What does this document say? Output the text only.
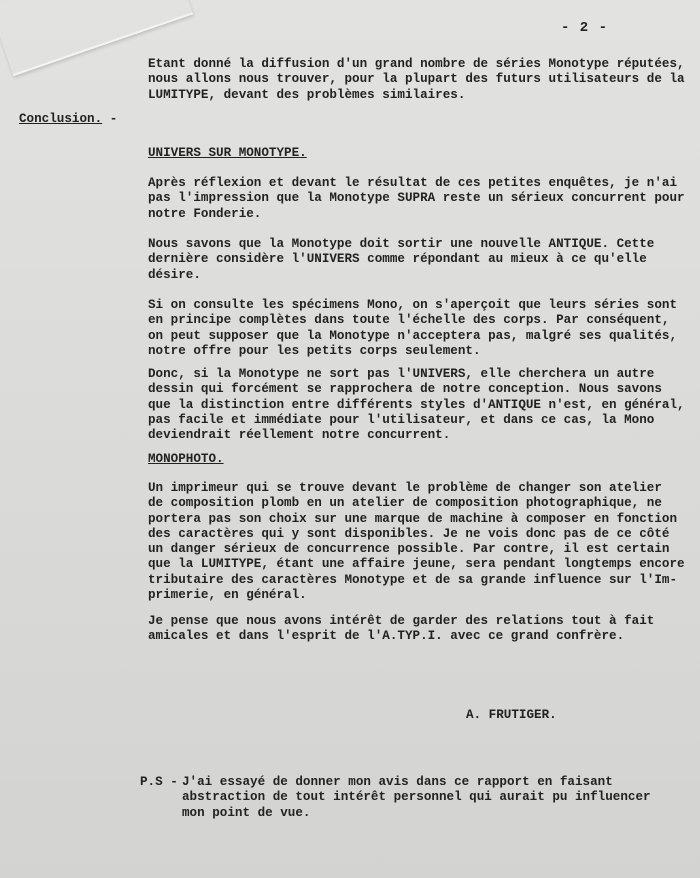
- 2 -

Etant donné la diffusion d'un grand nombre de séries Monotype réputées,
nous allons nous trouver, pour la plupart des futurs utilisateurs de la
LUMITYPE, devant des problèmes similaires.

Conclusion. -
UNIVERS SUR MONOTYPE.

Après réflexion et devant le résultat de ces petites enquêtes, je n'ai
pas l'impression que la Monotype SUPRA reste un sérieux concurrent pour
notre Fonderie.

Nous savons que la Monotype doit sortir une nouvelle ANTIQUE. Cette
dernière considère l'UNIVERS comme répondant au mieux à ce qu'elle
désire.

Si on consulte les spécimens Mono, on s'aperçoit que leurs séries sont
en principe complètes dans toute l'échelle des corps. Par conséquent,
on peut supposer que la Monotype n'acceptera pas, malgré ses qualités,
notre offre pour les petits corps seulement.

Donc, si la Monotype ne sort pas l'UNIVERS, elle cherchera un autre
dessin qui forcément se rapprochera de notre conception. Nous savons
que la distinction entre différents styles d'ANTIQUE n'est, en général,
pas facile et immédiate pour l'utilisateur, et dans ce cas, la Mono
deviendrait réellement notre concurrent.

MONOPHOTO.

Un imprimeur qui se trouve devant le problème de changer son atelier
de composition plomb en un atelier de composition photographique, ne
portera pas son choix sur une marque de machine à composer en fonction
des caractères qui y sont disponibles. Je ne vois donc pas de ce côté
un danger sérieux de concurrence possible. Par contre, il est certain
que la LUMITYPE, étant une affaire jeune, sera pendant longtemps encore
tributaire des caractères Monotype et de sa grande influence sur l'Im-
primerie, en général.

Je pense que nous avons intérêt de garder des relations tout à fait
amicales et dans l'esprit de l'A.TYP.I. avec ce grand confrère.

A. FRUTIGER.
P.S - J'ai essayé de donner mon avis dans ce rapport en faisant
abstraction de tout intérêt personnel qui aurait pu influencer
mon point de vue.
